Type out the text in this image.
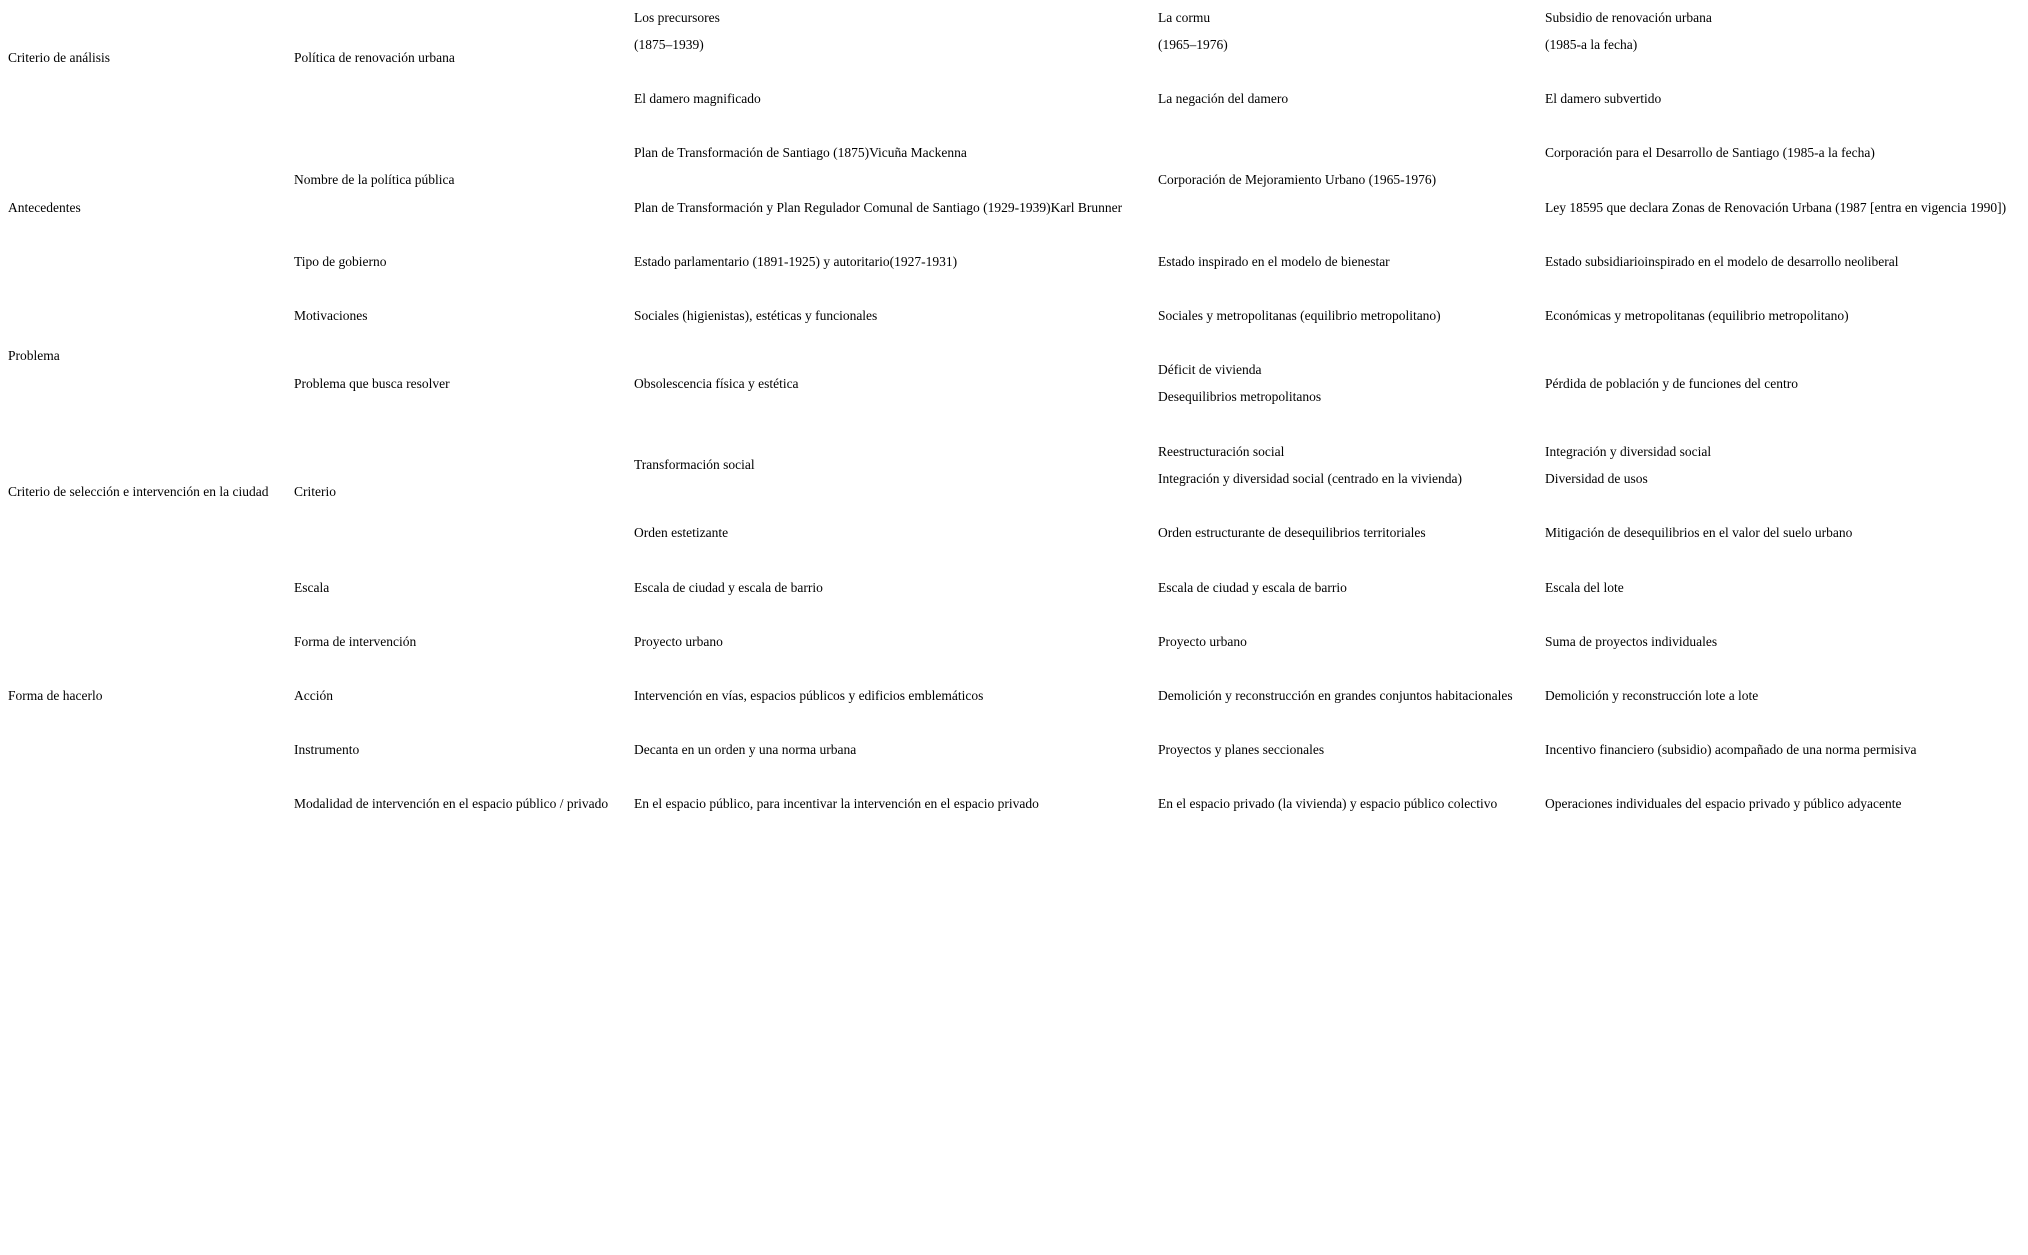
Criterio de análisis
Antecedentes
Problema
Criterio de selección e intervención en la ciudad
Forma de hacerlo
Política de renovación urbana
Nombre de la política pública
Tipo de gobierno
Motivaciones
Problema que busca resolver
Criterio
Escala
Forma de intervención
Acción
Instrumento
Modalidad de intervención en el espacio público / privado
Los precursores
(1875–1939)
El damero magnificado
Plan de Transformación de Santiago (1875)Vicuña Mackenna
Plan de Transformación y Plan Regulador Comunal de Santiago (1929-1939)Karl Brunner
Estado parlamentario (1891-1925) y autoritario(1927-1931)
Sociales (higienistas), estéticas y funcionales
Obsolescencia física y estética
Transformación social
Orden estetizante
Escala de ciudad y escala de barrio
Proyecto urbano
Intervención en vías, espacios públicos y edificios emblemáticos
Decanta en un orden y una norma urbana
En el espacio público, para incentivar la intervención en el espacio privado
La cormu
(1965–1976)
La negación del damero
Corporación de Mejoramiento Urbano (1965-1976)
Estado inspirado en el modelo de bienestar
Sociales y metropolitanas (equilibrio metropolitano)
Déficit de vivienda
Desequilibrios metropolitanos
Reestructuración social
Integración y diversidad social (centrado en la vivienda)
Orden estructurante de desequilibrios territoriales
Escala de ciudad y escala de barrio
Proyecto urbano
Demolición y reconstrucción en grandes conjuntos habitacionales
Proyectos y planes seccionales
En el espacio privado (la vivienda) y espacio público colectivo
Subsidio de renovación urbana
(1985-a la fecha)
El damero subvertido
Corporación para el Desarrollo de Santiago (1985-a la fecha)
Ley 18595 que declara Zonas de Renovación Urbana (1987 [entra en vigencia 1990])
Estado subsidiarioinspirado en el modelo de desarrollo neoliberal
Económicas y metropolitanas (equilibrio metropolitano)
Pérdida de población y de funciones del centro
Integración y diversidad social
Diversidad de usos
Mitigación de desequilibrios en el valor del suelo urbano
Escala del lote
Suma de proyectos individuales
Demolición y reconstrucción lote a lote
Incentivo financiero (subsidio) acompañado de una norma permisiva
Operaciones individuales del espacio privado y público adyacente
